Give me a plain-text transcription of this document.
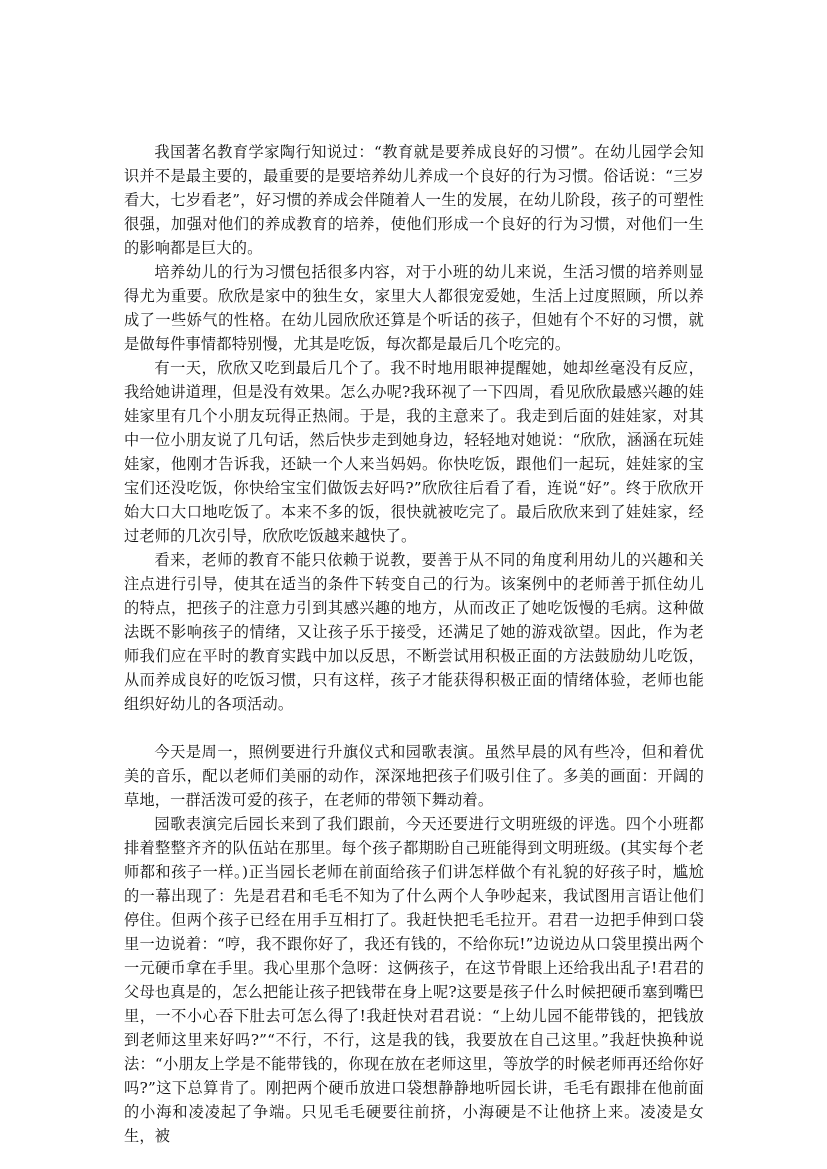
我国著名教育学家陶行知说过：“教育就是要养成良好的习惯”。在幼儿园学会知识并不是最主要的，最重要的是要培养幼儿养成一个良好的行为习惯。俗话说：“三岁看大，七岁看老”，好习惯的养成会伴随着人一生的发展，在幼儿阶段，孩子的可塑性很强，加强对他们的养成教育的培养，使他们形成一个良好的行为习惯，对他们一生的影响都是巨大的。

培养幼儿的行为习惯包括很多内容，对于小班的幼儿来说，生活习惯的培养则显得尤为重要。欣欣是家中的独生女，家里大人都很宠爱她，生活上过度照顾，所以养成了一些娇气的性格。在幼儿园欣欣还算是个听话的孩子，但她有个不好的习惯，就是做每件事情都特别慢，尤其是吃饭，每次都是最后几个吃完的。

有一天，欣欣又吃到最后几个了。我不时地用眼神提醒她，她却丝毫没有反应，我给她讲道理，但是没有效果。怎么办呢?我环视了一下四周，看见欣欣最感兴趣的娃娃家里有几个小朋友玩得正热闹。于是，我的主意来了。我走到后面的娃娃家，对其中一位小朋友说了几句话，然后快步走到她身边，轻轻地对她说：“欣欣，涵涵在玩娃娃家，他刚才告诉我，还缺一个人来当妈妈。你快吃饭，跟他们一起玩，娃娃家的宝宝们还没吃饭，你快给宝宝们做饭去好吗?”欣欣往后看了看，连说“好”。终于欣欣开始大口大口地吃饭了。本来不多的饭，很快就被吃完了。最后欣欣来到了娃娃家，经过老师的几次引导，欣欣吃饭越来越快了。

看来，老师的教育不能只依赖于说教，要善于从不同的角度利用幼儿的兴趣和关注点进行引导，使其在适当的条件下转变自己的行为。该案例中的老师善于抓住幼儿的特点，把孩子的注意力引到其感兴趣的地方，从而改正了她吃饭慢的毛病。这种做法既不影响孩子的情绪，又让孩子乐于接受，还满足了她的游戏欲望。因此，作为老师我们应在平时的教育实践中加以反思，不断尝试用积极正面的方法鼓励幼儿吃饭，从而养成良好的吃饭习惯，只有这样，孩子才能获得积极正面的情绪体验，老师也能组织好幼儿的各项活动。

今天是周一，照例要进行升旗仪式和园歌表演。虽然早晨的风有些冷，但和着优美的音乐，配以老师们美丽的动作，深深地把孩子们吸引住了。多美的画面：开阔的草地，一群活泼可爱的孩子，在老师的带领下舞动着。

园歌表演完后园长来到了我们跟前，今天还要进行文明班级的评选。四个小班都排着整整齐齐的队伍站在那里。每个孩子都期盼自己班能得到文明班级。(其实每个老师都和孩子一样。)正当园长老师在前面给孩子们讲怎样做个有礼貌的好孩子时，尴尬的一幕出现了：先是君君和毛毛不知为了什么两个人争吵起来，我试图用言语让他们停住。但两个孩子已经在用手互相打了。我赶快把毛毛拉开。君君一边把手伸到口袋里一边说着：“哼，我不跟你好了，我还有钱的，不给你玩!”边说边从口袋里摸出两个一元硬币拿在手里。我心里那个急呀：这俩孩子，在这节骨眼上还给我出乱子!君君的父母也真是的，怎么把能让孩子把钱带在身上呢?这要是孩子什么时候把硬币塞到嘴巴里，一不小心吞下肚去可怎么得了!我赶快对君君说：“上幼儿园不能带钱的，把钱放到老师这里来好吗?”“不行，不行，这是我的钱，我要放在自己这里。”我赶快换种说法：“小朋友上学是不能带钱的，你现在放在老师这里，等放学的时候老师再还给你好吗?”这下总算肯了。刚把两个硬币放进口袋想静静地听园长讲，毛毛有跟排在他前面的小海和凌凌起了争端。只见毛毛硬要往前挤，小海硬是不让他挤上来。凌凌是女生，被
